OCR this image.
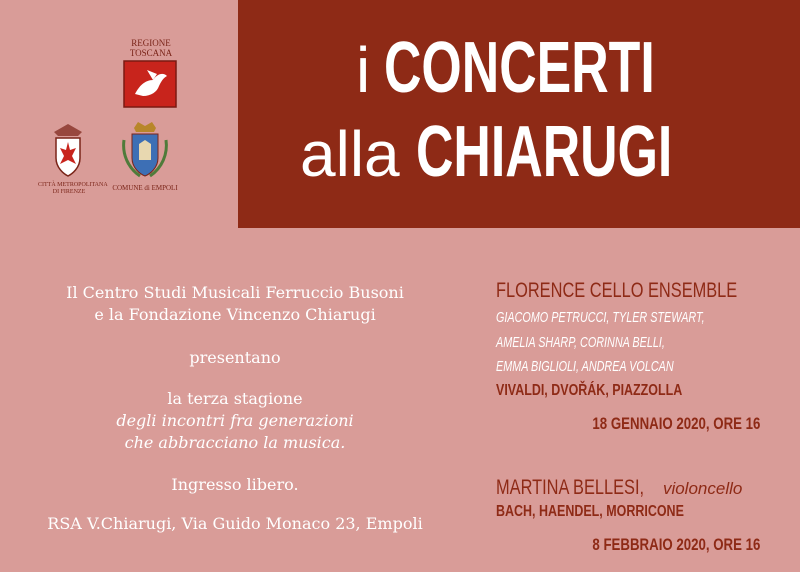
i CONCERTI
alla CHIARUGI
REGIONE
TOSCANA
CITTÀ METROPOLITANA
DI FIRENZE	COMUNE di EMPOLI
Il Centro Studi Musicali Ferruccio Busoni
e la Fondazione Vincenzo Chiarugi
presentano
la terza stagione
degli incontri fra generazioni
che abbracciano la musica.
Ingresso libero.
RSA V.Chiarugi, Via Guido Monaco 23, Empoli
FLORENCE CELLO ENSEMBLE
GIACOMO PETRUCCI, TYLER STEWART,
AMELIA SHARP, CORINNA BELLI,
EMMA BIGLIOLI, ANDREA VOLCAN
VIVALDI, DVOŘÁK, PIAZZOLLA
18 GENNAIO 2020, ORE 16
MARTINA BELLESI, violoncello
BACH, HAENDEL, MORRICONE
8 FEBBRAIO 2020, ORE 16
